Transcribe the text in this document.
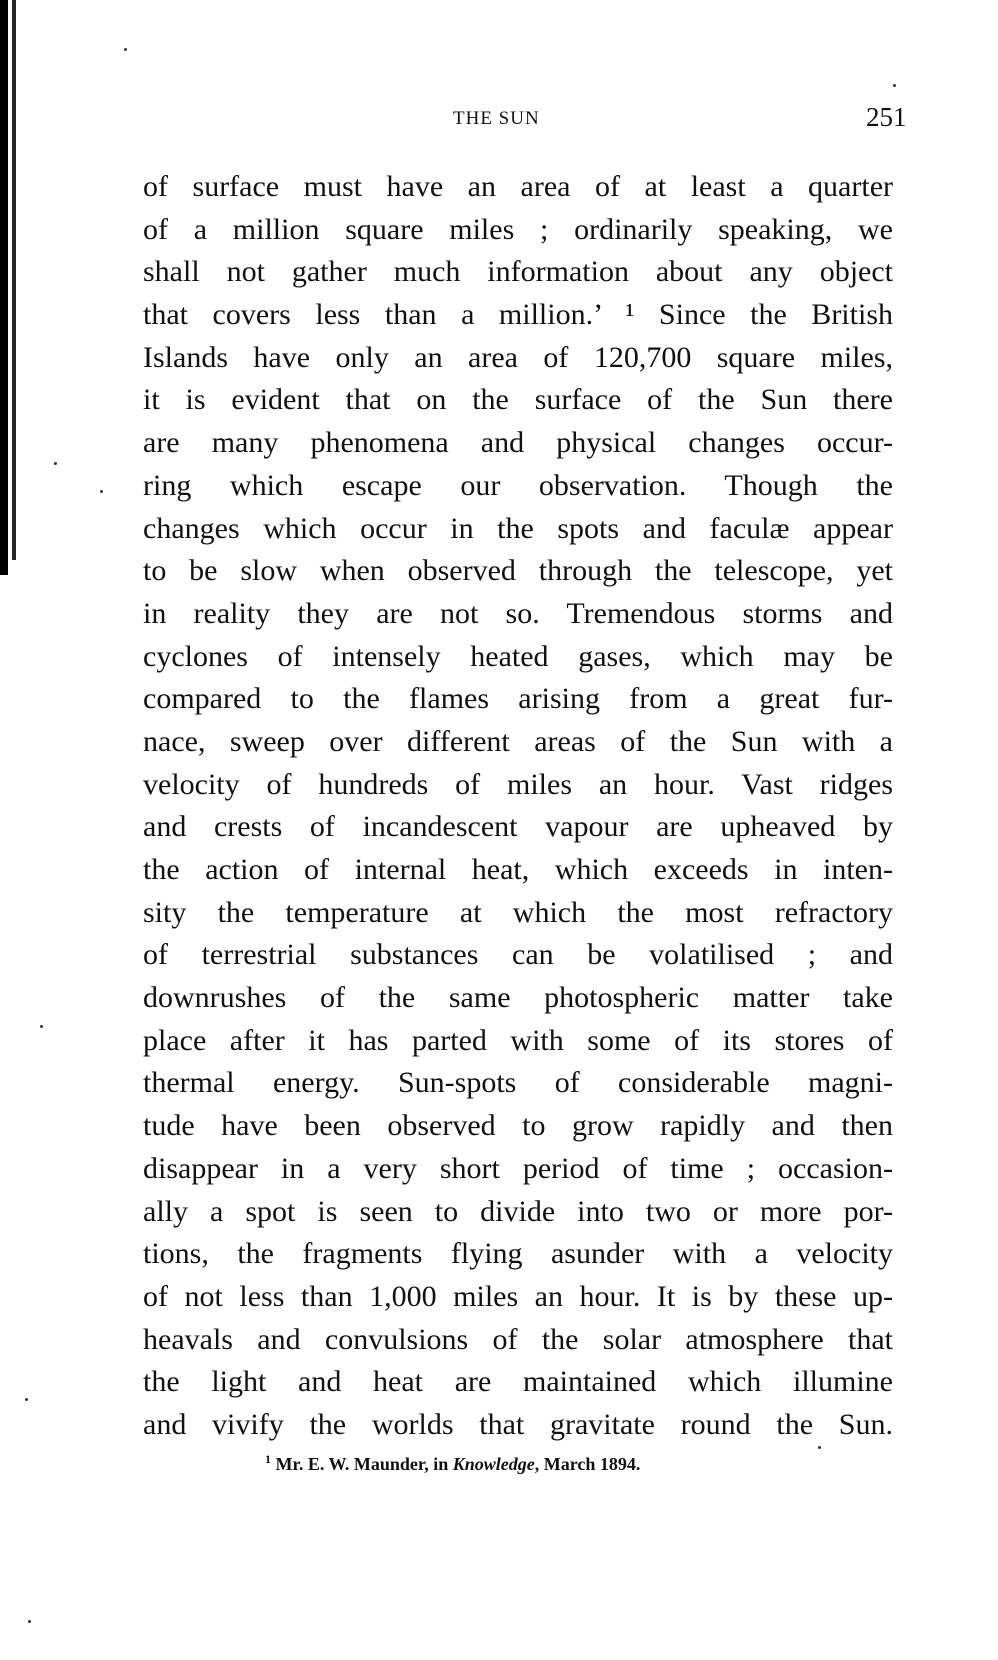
THE SUN	251
of surface must have an area of at least a quarter
of a million square miles ; ordinarily speaking, we
shall not gather much information about any object
that covers less than a million.’ ¹ Since the British
Islands have only an area of 120,700 square miles,
it is evident that on the surface of the Sun there
are many phenomena and physical changes occur-
ring which escape our observation. Though the
changes which occur in the spots and faculæ appear
to be slow when observed through the telescope, yet
in reality they are not so. Tremendous storms and
cyclones of intensely heated gases, which may be
compared to the flames arising from a great fur-
nace, sweep over different areas of the Sun with a
velocity of hundreds of miles an hour. Vast ridges
and crests of incandescent vapour are upheaved by
the action of internal heat, which exceeds in inten-
sity the temperature at which the most refractory
of terrestrial substances can be volatilised ; and
downrushes of the same photospheric matter take
place after it has parted with some of its stores of
thermal energy. Sun-spots of considerable magni-
tude have been observed to grow rapidly and then
disappear in a very short period of time ; occasion-
ally a spot is seen to divide into two or more por-
tions, the fragments flying asunder with a velocity
of not less than 1,000 miles an hour. It is by these up-
heavals and convulsions of the solar atmosphere that
the light and heat are maintained which illumine
and vivify the worlds that gravitate round the Sun.
$^1$ Mr. E. W. Maunder, in Knowledge, March 1894.
